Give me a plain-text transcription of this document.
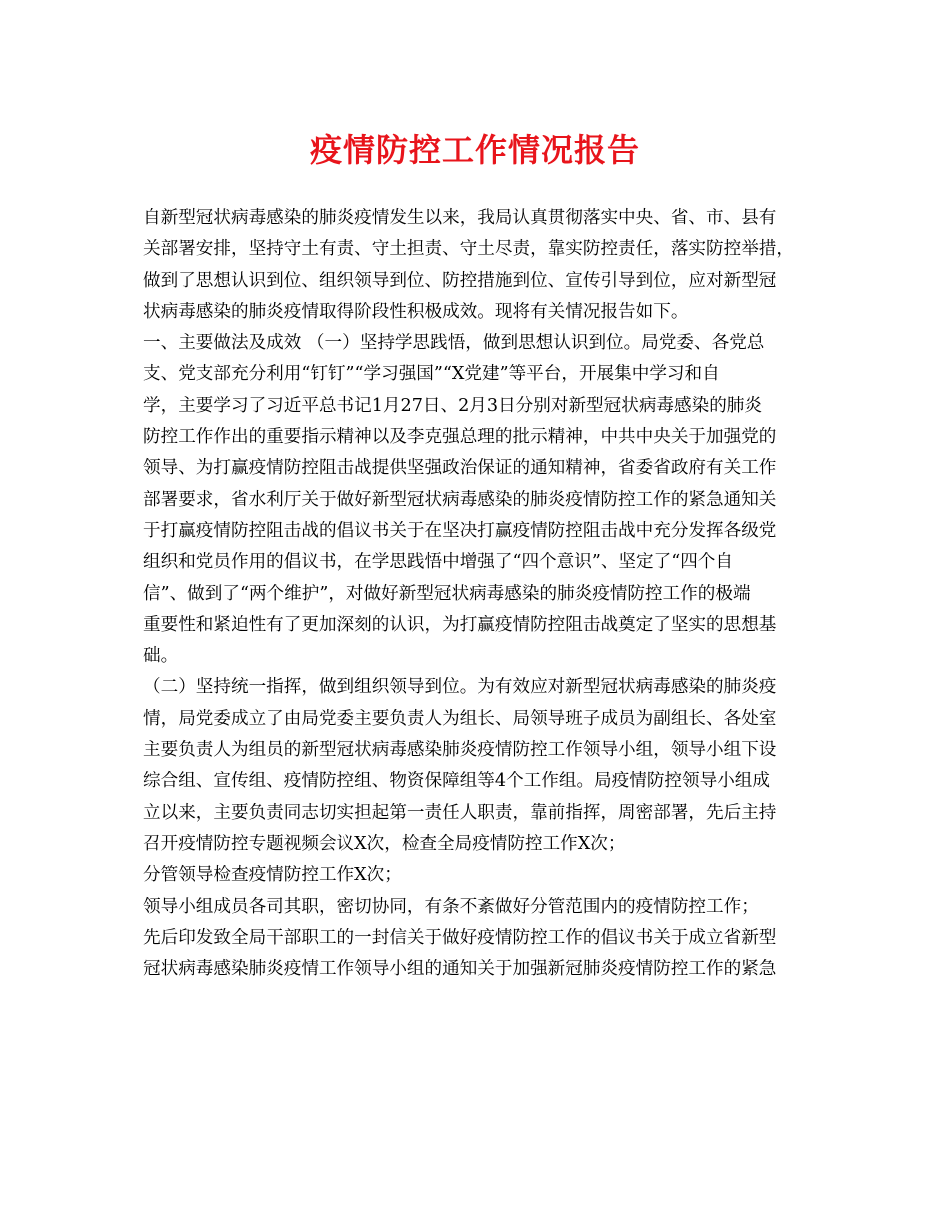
疫情防控工作情况报告
自新型冠状病毒感染的肺炎疫情发生以来，我局认真贯彻落实中央、省、市、县有
关部署安排，坚持守土有责、守土担责、守土尽责，靠实防控责任，落实防控举措，
做到了思想认识到位、组织领导到位、防控措施到位、宣传引导到位，应对新型冠
状病毒感染的肺炎疫情取得阶段性积极成效。现将有关情况报告如下。
一、主要做法及成效 （一）坚持学思践悟，做到思想认识到位。局党委、各党总
支、党支部充分利用“钉钉”“学习强国”“X党建”等平台，开展集中学习和自
学，主要学习了习近平总书记1月27日、2月3日分别对新型冠状病毒感染的肺炎
防控工作作出的重要指示精神以及李克强总理的批示精神，中共中央关于加强党的
领导、为打赢疫情防控阻击战提供坚强政治保证的通知精神，省委省政府有关工作
部署要求，省水利厅关于做好新型冠状病毒感染的肺炎疫情防控工作的紧急通知关
于打赢疫情防控阻击战的倡议书关于在坚决打赢疫情防控阻击战中充分发挥各级党
组织和党员作用的倡议书，在学思践悟中增强了“四个意识”、坚定了“四个自
信”、做到了“两个维护”，对做好新型冠状病毒感染的肺炎疫情防控工作的极端
重要性和紧迫性有了更加深刻的认识，为打赢疫情防控阻击战奠定了坚实的思想基
础。
（二）坚持统一指挥，做到组织领导到位。为有效应对新型冠状病毒感染的肺炎疫
情，局党委成立了由局党委主要负责人为组长、局领导班子成员为副组长、各处室
主要负责人为组员的新型冠状病毒感染肺炎疫情防控工作领导小组，领导小组下设
综合组、宣传组、疫情防控组、物资保障组等4个工作组。局疫情防控领导小组成
立以来，主要负责同志切实担起第一责任人职责，靠前指挥，周密部署，先后主持
召开疫情防控专题视频会议X次，检查全局疫情防控工作X次；
分管领导检查疫情防控工作X次；
领导小组成员各司其职，密切协同，有条不紊做好分管范围内的疫情防控工作；
先后印发致全局干部职工的一封信关于做好疫情防控工作的倡议书关于成立省新型
冠状病毒感染肺炎疫情工作领导小组的通知关于加强新冠肺炎疫情防控工作的紧急
